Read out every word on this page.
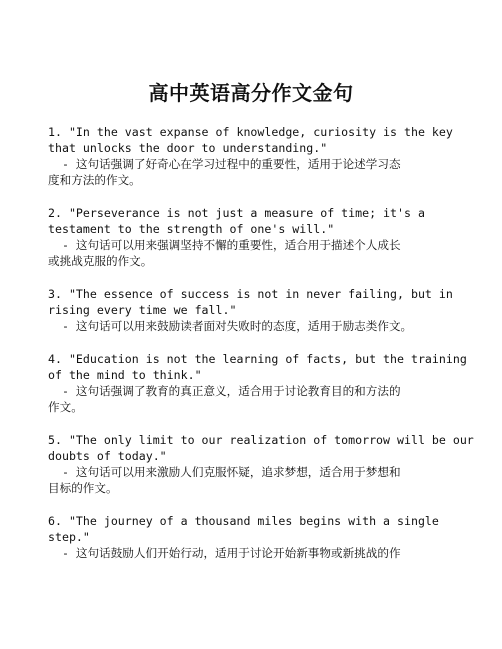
高中英语高分作文金句
1. "In the vast expanse of knowledge, curiosity is the key
that unlocks the door to understanding."
- 这句话强调了好奇心在学习过程中的重要性，适用于论述学习态
度和方法的作文。
2. "Perseverance is not just a measure of time; it's a
testament to the strength of one's will."
- 这句话可以用来强调坚持不懈的重要性，适合用于描述个人成长
或挑战克服的作文。
3. "The essence of success is not in never failing, but in
rising every time we fall."
- 这句话可以用来鼓励读者面对失败时的态度，适用于励志类作文。
4. "Education is not the learning of facts, but the training
of the mind to think."
- 这句话强调了教育的真正意义，适合用于讨论教育目的和方法的
作文。
5. "The only limit to our realization of tomorrow will be our
doubts of today."
- 这句话可以用来激励人们克服怀疑，追求梦想，适合用于梦想和
目标的作文。
6. "The journey of a thousand miles begins with a single
step."
- 这句话鼓励人们开始行动，适用于讨论开始新事物或新挑战的作
